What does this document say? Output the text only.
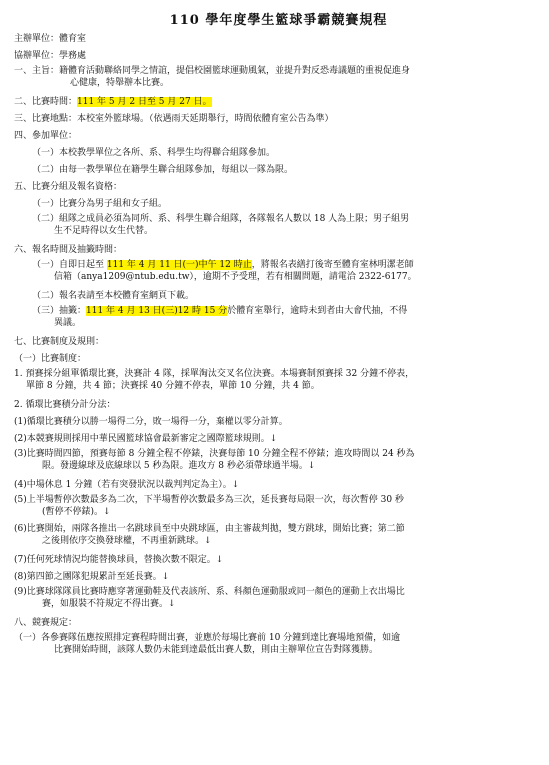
110 學年度學生籃球爭霸競賽規程
主辦單位：體育室
協辦單位：學務處
一、主旨：籍體育活動聯絡同學之情誼，提倡校園籃球運動風氣，並提升對反恐毒議題的重視促進身
心健康，特舉辦本比賽。
二、比賽時間：111 年 5 月 2 日至 5 月 27 日。
三、比賽地點：本校室外籃球場。（依遇雨天延期舉行，時間依體育室公告為準）
四、參加單位：
（一）本校教學單位之各所、系、科學生均得聯合組隊參加。
（二）由每一教學單位在籍學生聯合組隊參加，每組以一隊為限。
五、比賽分組及報名資格：
（一）比賽分為男子組和女子組。
（二）組隊之成員必須為同所、系、科學生聯合組隊，各隊報名人數以 18 人為上限；男子組男
生不足時得以女生代替。
六、報名時間及抽籤時間：
（一）自即日起至 111 年 4 月 11 日(一)中午 12 時止，將報名表繕打後寄至體育室林明潔老師
信箱（anya1209@ntub.edu.tw），逾期不予受理，若有相關問題，請電洽 2322-6177。
（二）報名表請至本校體育室網頁下載。
（三）抽籤：111 年 4 月 13 日(三)12 時 15 分於體育室舉行，逾時未到者由大會代抽，不得
異議。
七、比賽制度及規則：
（一）比賽制度：
1. 預賽採分組單循環比賽，決賽計 4 隊，採單淘汰交叉名位決賽。本場賽制預賽採 32 分鐘不停表，
單節 8 分鐘，共 4 節；決賽採 40 分鐘不停表，單節 10 分鐘，共 4 節。
2. 循環比賽積分計分法：
(1)循環比賽積分以勝一場得二分，敗一場得一分，棄權以零分計算。
(2)本競賽規則採用中華民國籃球協會最新審定之國際籃球規則。↓
(3)比賽時間四節，預賽每節 8 分鐘全程不停錶，決賽每節 10 分鐘全程不停錶；進攻時間以 24 秒為
限。發邊線球及底線球以 5 秒為限。進攻方 8 秒必須帶球過半場。↓
(4)中場休息 1 分鐘（若有突發狀況以裁判判定為主）。↓
(5)上半場暫停次數最多為二次，下半場暫停次數最多為三次，延長賽每局限一次，每次暫停 30 秒
(暫停不停錶)。↓
(6)比賽開始，兩隊各推出一名跳球員至中央跳球區，由主審裁判拋，雙方跳球，開始比賽；第二節
之後則依序交換發球權，不再重新跳球。↓
(7)任何死球情況均能替換球員，替換次數不限定。↓
(8)第四節之團隊犯規累計至延長賽。↓
(9)比賽球隊隊員比賽時應穿著運動鞋及代表該所、系、科顏色運動服或同一顏色的運動上衣出場比
賽，如服裝不符規定不得出賽。↓
八、競賽規定：
（一）各參賽隊伍應按照排定賽程時間出賽，並應於每場比賽前 10 分鐘到達比賽場地預備，如逾
比賽開始時間，該隊人數仍未能到達最低出賽人數，則由主辦單位宣告對隊獲勝。
